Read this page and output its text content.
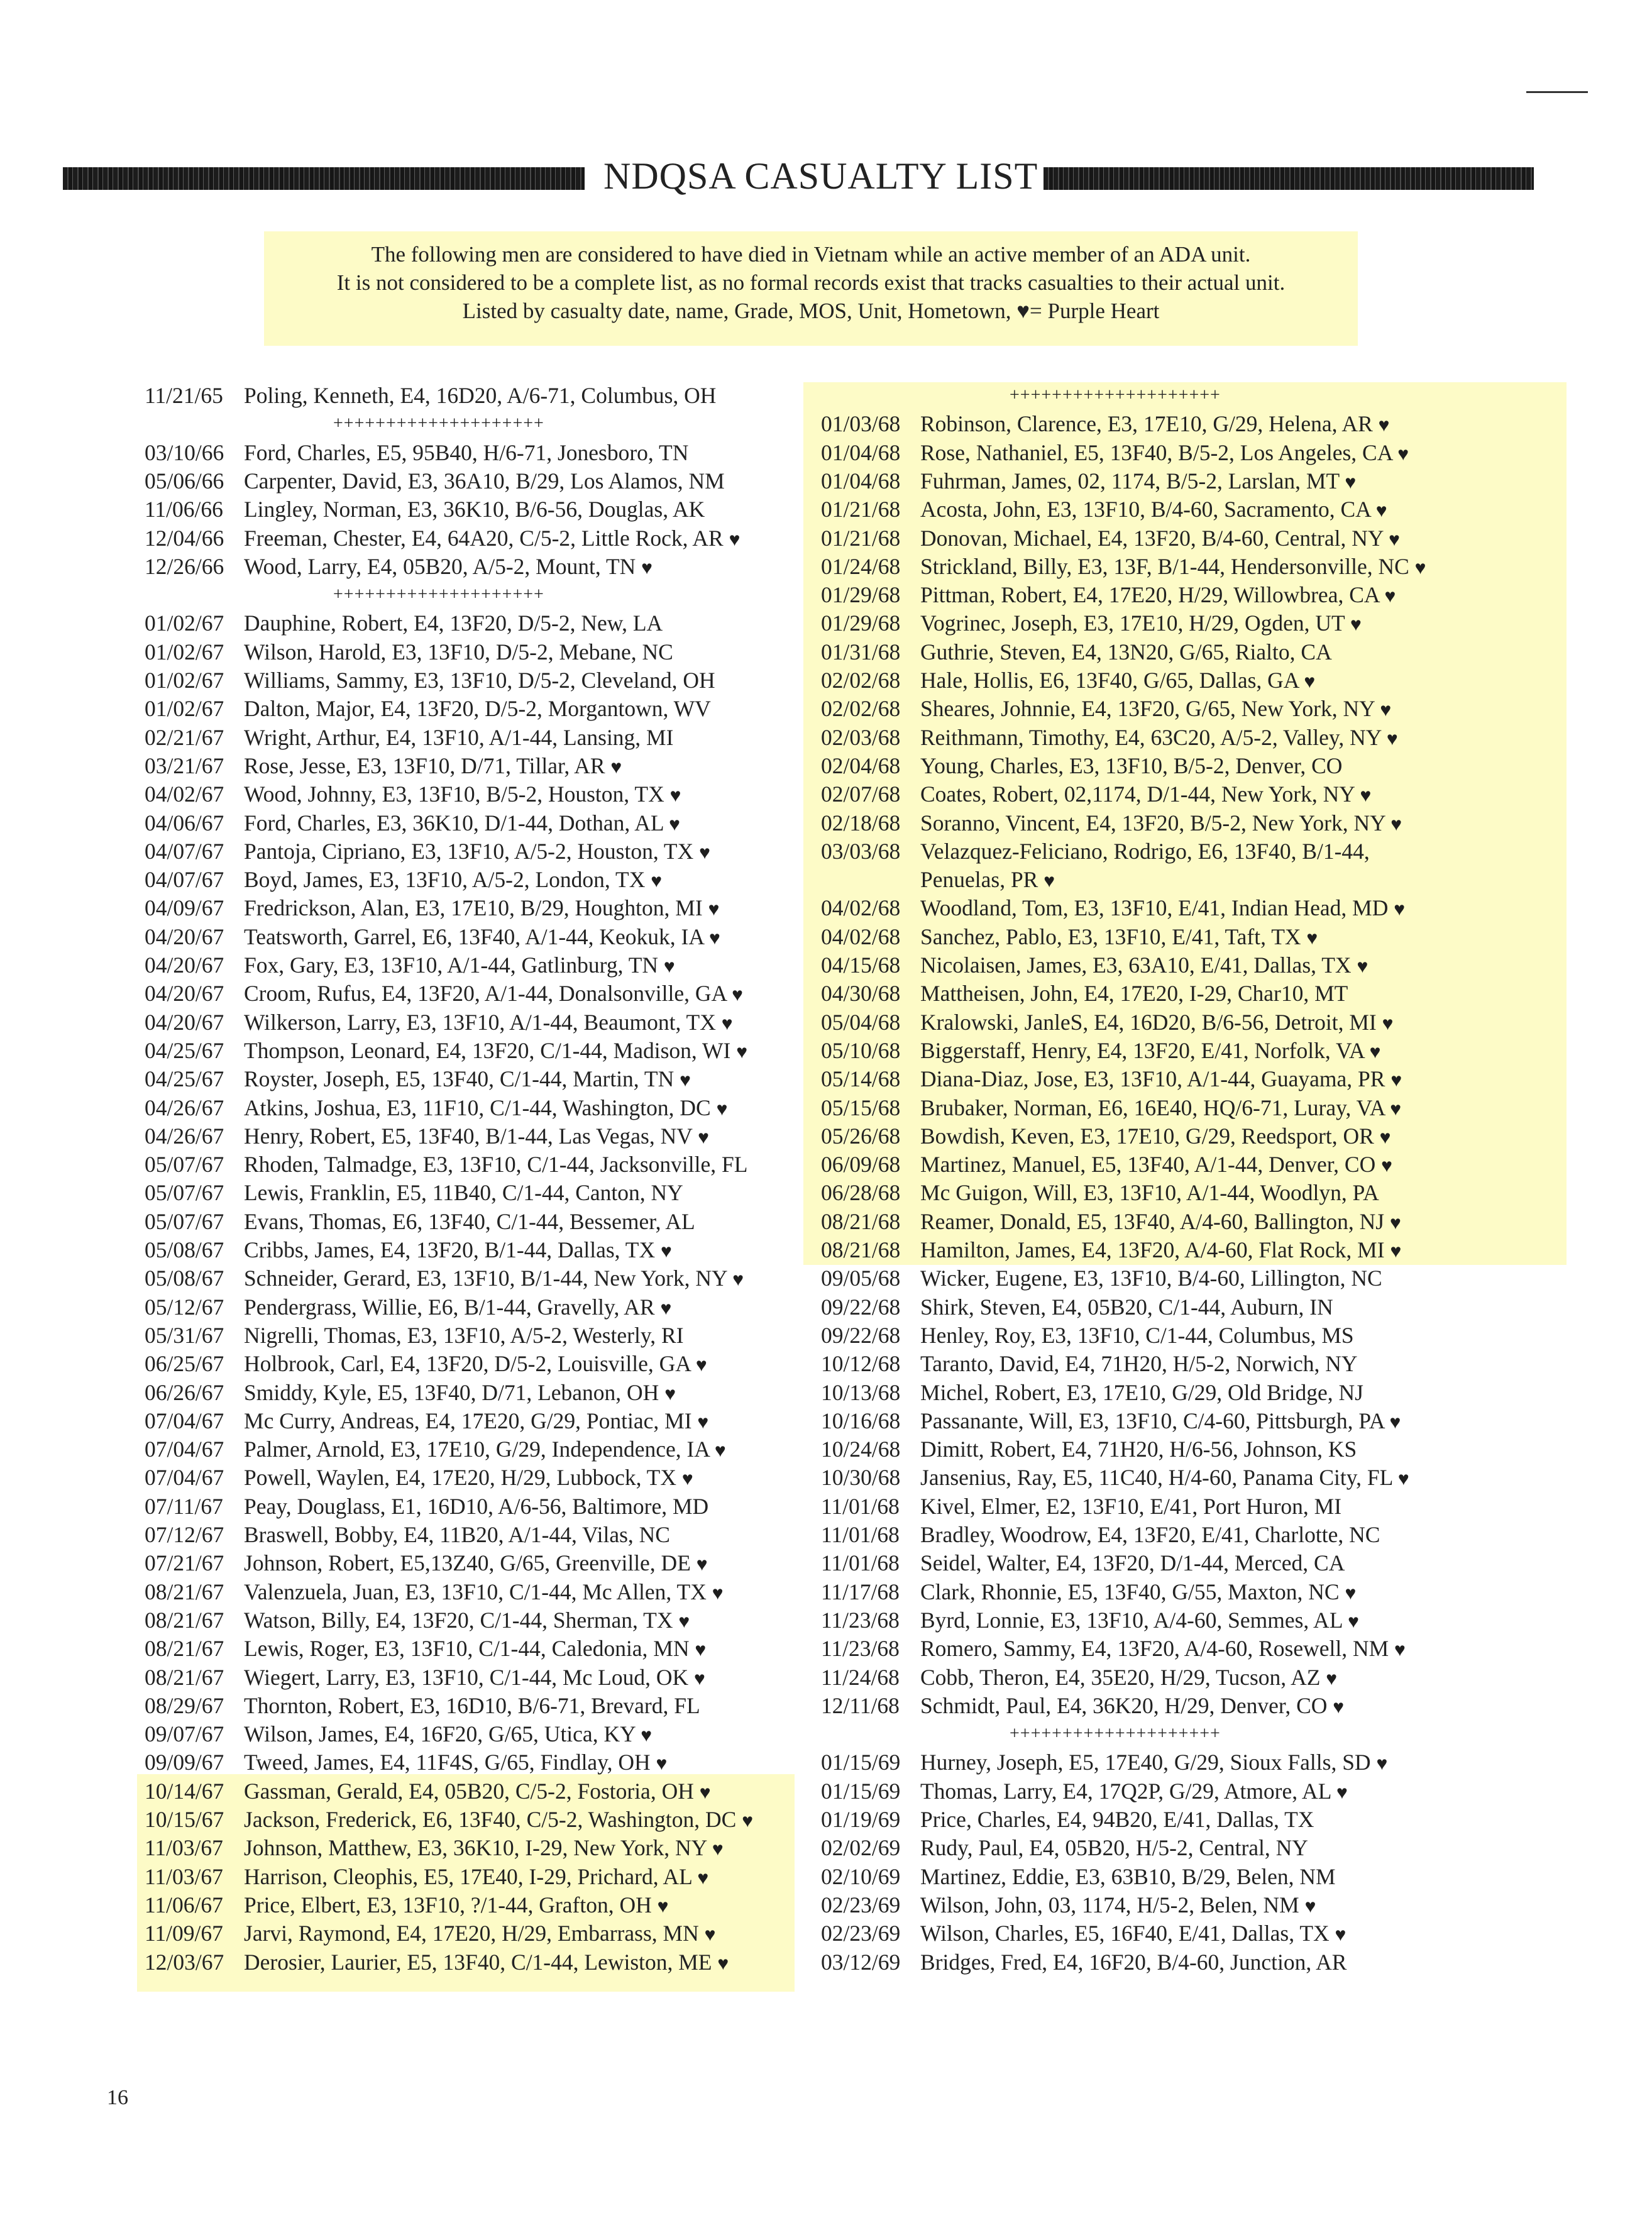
NDQSA CASUALTY LIST
The following men are considered to have died in Vietnam while an active member of an ADA unit.
It is not considered to be a complete list, as no formal records exist that tracks casualties to their actual unit.
Listed by casualty date, name, Grade, MOS, Unit, Hometown, ♥= Purple Heart
11/21/65 Poling, Kenneth, E4, 16D20, A/6-71, Columbus, OH
++++++++++++++++++++
03/10/66 Ford, Charles, E5, 95B40, H/6-71, Jonesboro, TN
05/06/66 Carpenter, David, E3, 36A10, B/29, Los Alamos, NM
11/06/66 Lingley, Norman, E3, 36K10, B/6-56, Douglas, AK
12/04/66 Freeman, Chester, E4, 64A20, C/5-2, Little Rock, AR ♥
12/26/66 Wood, Larry, E4, 05B20, A/5-2, Mount, TN ♥
++++++++++++++++++++
01/02/67 Dauphine, Robert, E4, 13F20, D/5-2, New, LA
01/02/67 Wilson, Harold, E3, 13F10, D/5-2, Mebane, NC
01/02/67 Williams, Sammy, E3, 13F10, D/5-2, Cleveland, OH
01/02/67 Dalton, Major, E4, 13F20, D/5-2, Morgantown, WV
02/21/67 Wright, Arthur, E4, 13F10, A/1-44, Lansing, MI
03/21/67 Rose, Jesse, E3, 13F10, D/71, Tillar, AR ♥
04/02/67 Wood, Johnny, E3, 13F10, B/5-2, Houston, TX ♥
04/06/67 Ford, Charles, E3, 36K10, D/1-44, Dothan, AL ♥
04/07/67 Pantoja, Cipriano, E3, 13F10, A/5-2, Houston, TX ♥
04/07/67 Boyd, James, E3, 13F10, A/5-2, London, TX ♥
04/09/67 Fredrickson, Alan, E3, 17E10, B/29, Houghton, MI ♥
04/20/67 Teatsworth, Garrel, E6, 13F40, A/1-44, Keokuk, IA ♥
04/20/67 Fox, Gary, E3, 13F10, A/1-44, Gatlinburg, TN ♥
04/20/67 Croom, Rufus, E4, 13F20, A/1-44, Donalsonville, GA ♥
04/20/67 Wilkerson, Larry, E3, 13F10, A/1-44, Beaumont, TX ♥
04/25/67 Thompson, Leonard, E4, 13F20, C/1-44, Madison, WI ♥
04/25/67 Royster, Joseph, E5, 13F40, C/1-44, Martin, TN ♥
04/26/67 Atkins, Joshua, E3, 11F10, C/1-44, Washington, DC ♥
04/26/67 Henry, Robert, E5, 13F40, B/1-44, Las Vegas, NV ♥
05/07/67 Rhoden, Talmadge, E3, 13F10, C/1-44, Jacksonville, FL
05/07/67 Lewis, Franklin, E5, 11B40, C/1-44, Canton, NY
05/07/67 Evans, Thomas, E6, 13F40, C/1-44, Bessemer, AL
05/08/67 Cribbs, James, E4, 13F20, B/1-44, Dallas, TX ♥
05/08/67 Schneider, Gerard, E3, 13F10, B/1-44, New York, NY ♥
05/12/67 Pendergrass, Willie, E6, B/1-44, Gravelly, AR ♥
05/31/67 Nigrelli, Thomas, E3, 13F10, A/5-2, Westerly, RI
06/25/67 Holbrook, Carl, E4, 13F20, D/5-2, Louisville, GA ♥
06/26/67 Smiddy, Kyle, E5, 13F40, D/71, Lebanon, OH ♥
07/04/67 Mc Curry, Andreas, E4, 17E20, G/29, Pontiac, MI ♥
07/04/67 Palmer, Arnold, E3, 17E10, G/29, Independence, IA ♥
07/04/67 Powell, Waylen, E4, 17E20, H/29, Lubbock, TX ♥
07/11/67 Peay, Douglass, E1, 16D10, A/6-56, Baltimore, MD
07/12/67 Braswell, Bobby, E4, 11B20, A/1-44, Vilas, NC
07/21/67 Johnson, Robert, E5,13Z40, G/65, Greenville, DE ♥
08/21/67 Valenzuela, Juan, E3, 13F10, C/1-44, Mc Allen, TX ♥
08/21/67 Watson, Billy, E4, 13F20, C/1-44, Sherman, TX ♥
08/21/67 Lewis, Roger, E3, 13F10, C/1-44, Caledonia, MN ♥
08/21/67 Wiegert, Larry, E3, 13F10, C/1-44, Mc Loud, OK ♥
08/29/67 Thornton, Robert, E3, 16D10, B/6-71, Brevard, FL
09/07/67 Wilson, James, E4, 16F20, G/65, Utica, KY ♥
09/09/67 Tweed, James, E4, 11F4S, G/65, Findlay, OH ♥
10/14/67 Gassman, Gerald, E4, 05B20, C/5-2, Fostoria, OH ♥
10/15/67 Jackson, Frederick, E6, 13F40, C/5-2, Washington, DC ♥
11/03/67 Johnson, Matthew, E3, 36K10, I-29, New York, NY ♥
11/03/67 Harrison, Cleophis, E5, 17E40, I-29, Prichard, AL ♥
11/06/67 Price, Elbert, E3, 13F10, ?/1-44, Grafton, OH ♥
11/09/67 Jarvi, Raymond, E4, 17E20, H/29, Embarrass, MN ♥
12/03/67 Derosier, Laurier, E5, 13F40, C/1-44, Lewiston, ME ♥
++++++++++++++++++++
01/03/68 Robinson, Clarence, E3, 17E10, G/29, Helena, AR ♥
01/04/68 Rose, Nathaniel, E5, 13F40, B/5-2, Los Angeles, CA ♥
01/04/68 Fuhrman, James, 02, 1174, B/5-2, Larslan, MT ♥
01/21/68 Acosta, John, E3, 13F10, B/4-60, Sacramento, CA ♥
01/21/68 Donovan, Michael, E4, 13F20, B/4-60, Central, NY ♥
01/24/68 Strickland, Billy, E3, 13F, B/1-44, Hendersonville, NC ♥
01/29/68 Pittman, Robert, E4, 17E20, H/29, Willowbrea, CA ♥
01/29/68 Vogrinec, Joseph, E3, 17E10, H/29, Ogden, UT ♥
01/31/68 Guthrie, Steven, E4, 13N20, G/65, Rialto, CA
02/02/68 Hale, Hollis, E6, 13F40, G/65, Dallas, GA ♥
02/02/68 Sheares, Johnnie, E4, 13F20, G/65, New York, NY ♥
02/03/68 Reithmann, Timothy, E4, 63C20, A/5-2, Valley, NY ♥
02/04/68 Young, Charles, E3, 13F10, B/5-2, Denver, CO
02/07/68 Coates, Robert, 02,1174, D/1-44, New York, NY ♥
02/18/68 Soranno, Vincent, E4, 13F20, B/5-2, New York, NY ♥
03/03/68 Velazquez-Feliciano, Rodrigo, E6, 13F40, B/1-44,
Penuelas, PR ♥
04/02/68 Woodland, Tom, E3, 13F10, E/41, Indian Head, MD ♥
04/02/68 Sanchez, Pablo, E3, 13F10, E/41, Taft, TX ♥
04/15/68 Nicolaisen, James, E3, 63A10, E/41, Dallas, TX ♥
04/30/68 Mattheisen, John, E4, 17E20, I-29, Char10, MT
05/04/68 Kralowski, JanleS, E4, 16D20, B/6-56, Detroit, MI ♥
05/10/68 Biggerstaff, Henry, E4, 13F20, E/41, Norfolk, VA ♥
05/14/68 Diana-Diaz, Jose, E3, 13F10, A/1-44, Guayama, PR ♥
05/15/68 Brubaker, Norman, E6, 16E40, HQ/6-71, Luray, VA ♥
05/26/68 Bowdish, Keven, E3, 17E10, G/29, Reedsport, OR ♥
06/09/68 Martinez, Manuel, E5, 13F40, A/1-44, Denver, CO ♥
06/28/68 Mc Guigon, Will, E3, 13F10, A/1-44, Woodlyn, PA
08/21/68 Reamer, Donald, E5, 13F40, A/4-60, Ballington, NJ ♥
08/21/68 Hamilton, James, E4, 13F20, A/4-60, Flat Rock, MI ♥
09/05/68 Wicker, Eugene, E3, 13F10, B/4-60, Lillington, NC
09/22/68 Shirk, Steven, E4, 05B20, C/1-44, Auburn, IN
09/22/68 Henley, Roy, E3, 13F10, C/1-44, Columbus, MS
10/12/68 Taranto, David, E4, 71H20, H/5-2, Norwich, NY
10/13/68 Michel, Robert, E3, 17E10, G/29, Old Bridge, NJ
10/16/68 Passanante, Will, E3, 13F10, C/4-60, Pittsburgh, PA ♥
10/24/68 Dimitt, Robert, E4, 71H20, H/6-56, Johnson, KS
10/30/68 Jansenius, Ray, E5, 11C40, H/4-60, Panama City, FL ♥
11/01/68 Kivel, Elmer, E2, 13F10, E/41, Port Huron, MI
11/01/68 Bradley, Woodrow, E4, 13F20, E/41, Charlotte, NC
11/01/68 Seidel, Walter, E4, 13F20, D/1-44, Merced, CA
11/17/68 Clark, Rhonnie, E5, 13F40, G/55, Maxton, NC ♥
11/23/68 Byrd, Lonnie, E3, 13F10, A/4-60, Semmes, AL ♥
11/23/68 Romero, Sammy, E4, 13F20, A/4-60, Rosewell, NM ♥
11/24/68 Cobb, Theron, E4, 35E20, H/29, Tucson, AZ ♥
12/11/68 Schmidt, Paul, E4, 36K20, H/29, Denver, CO ♥
++++++++++++++++++++
01/15/69 Hurney, Joseph, E5, 17E40, G/29, Sioux Falls, SD ♥
01/15/69 Thomas, Larry, E4, 17Q2P, G/29, Atmore, AL ♥
01/19/69 Price, Charles, E4, 94B20, E/41, Dallas, TX
02/02/69 Rudy, Paul, E4, 05B20, H/5-2, Central, NY
02/10/69 Martinez, Eddie, E3, 63B10, B/29, Belen, NM
02/23/69 Wilson, John, 03, 1174, H/5-2, Belen, NM ♥
02/23/69 Wilson, Charles, E5, 16F40, E/41, Dallas, TX ♥
03/12/69 Bridges, Fred, E4, 16F20, B/4-60, Junction, AR
16
